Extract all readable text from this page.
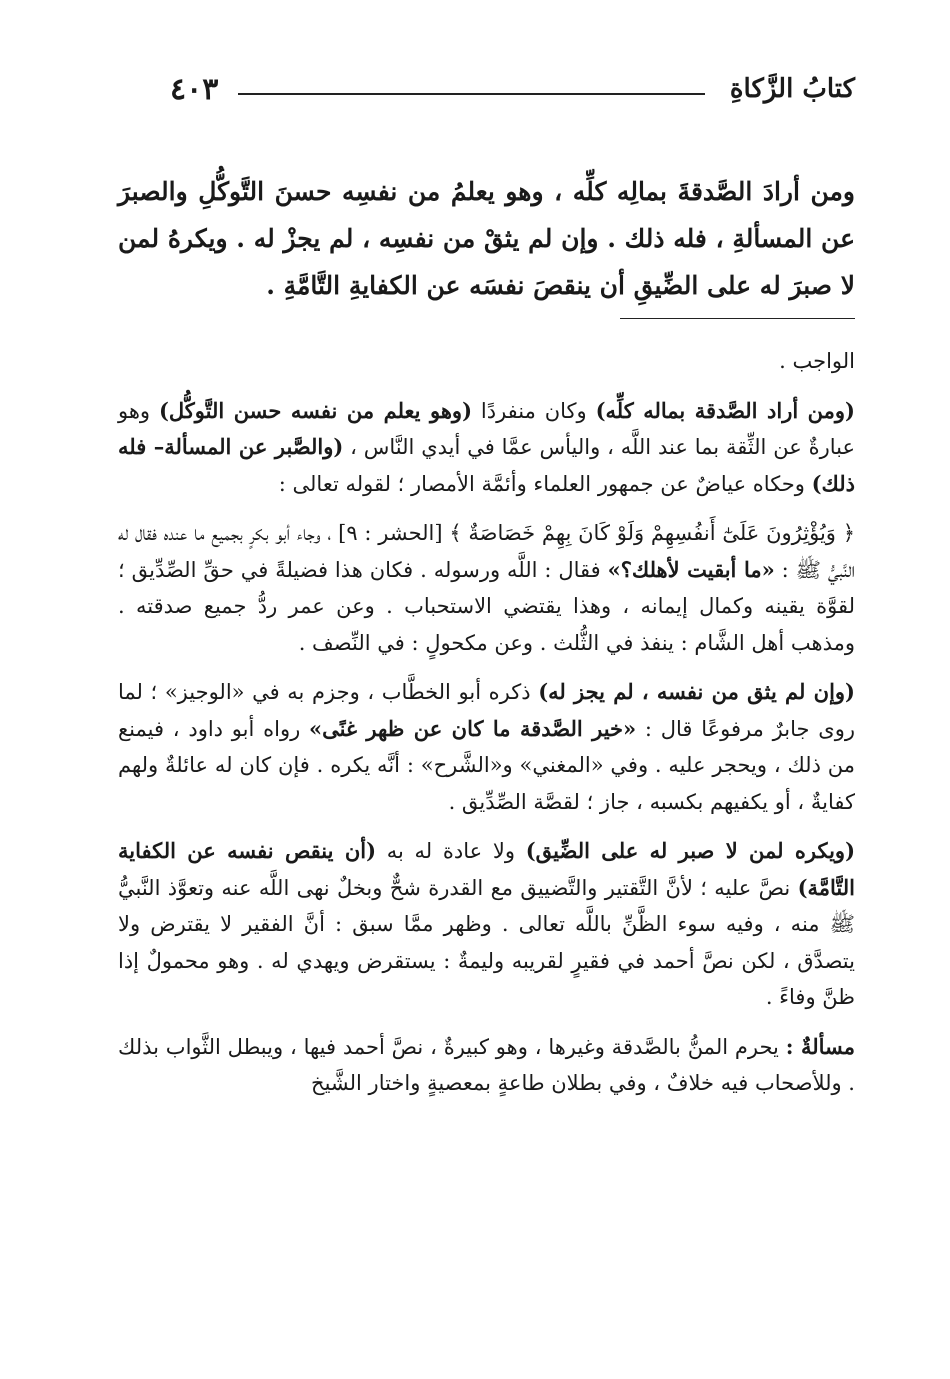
٤٠٣	كتابُ الزَّكاةِ

ومن أرادَ الصَّدقةَ بمالِه كلِّه ، وهو يعلمُ من نفسِه حسنَ التَّوكُّلِ والصبرَ عن المسألةِ ، فله ذلك . وإن لم يثقْ من نفسِه ، لم يجزْ له . ويكرهُ لمن لا صبرَ له على الضِّيقِ أن ينقصَ نفسَه عن الكفايةِ التَّامَّةِ .

الواجب .

(ومن أراد الصَّدقة بماله كلِّه) وكان منفردًا (وهو يعلم من نفسه حسن التَّوكُّل) وهو عبارةٌ عن الثِّقة بما عند اللَّه ، واليأس عمَّا في أيدي النَّاس ، (والصَّبر عن المسألة– فله ذلك) وحكاه عياضٌ عن جمهور العلماء وأئمَّة الأمصار ؛ لقوله تعالى :

﴿ وَيُؤْثِرُونَ عَلَىٰٓ أَنفُسِهِمْ وَلَوْ كَانَ بِهِمْ خَصَاصَةٌ ﴾ [الحشر : ٩] ، وجاء أبو بكرٍ بجميع ما عنده فقال له النَّبيُّ ﷺ : «ما أبقيت لأهلك؟» فقال : اللَّه ورسوله . فكان هذا فضيلةً في حقِّ الصِّدِّيق ؛ لقوَّة يقينه وكمال إيمانه ، وهذا يقتضي الاستحباب . وعن عمر ردُّ جميع صدقته . ومذهب أهل الشَّام : ينفذ في الثُّلث . وعن مكحولٍ : في النِّصف .

(وإن لم يثق من نفسه ، لم يجز له) ذكره أبو الخطَّاب ، وجزم به في «الوجيز» ؛ لما روى جابرٌ مرفوعًا قال : «خير الصَّدقة ما كان عن ظهر غنًى» رواه أبو داود ، فيمنع من ذلك ، ويحجر عليه . وفي «المغني» و«الشَّرح» : أنَّه يكره . فإن كان له عائلةٌ ولهم كفايةٌ ، أو يكفيهم بكسبه ، جاز ؛ لقصَّة الصِّدِّيق .

(ويكره لمن لا صبر له على الضِّيق) ولا عادة له به (أن ينقص نفسه عن الكفاية التَّامَّة) نصَّ عليه ؛ لأنَّ التَّقتير والتَّضييق مع القدرة شحٌّ وبخلٌ نهى اللَّه عنه وتعوَّذ النَّبيُّ ﷺ منه ، وفيه سوء الظَّنِّ باللَّه تعالى . وظهر ممَّا سبق : أنَّ الفقير لا يقترض ولا يتصدَّق ، لكن نصَّ أحمد في فقيرٍ لقريبه وليمةٌ : يستقرض ويهدي له . وهو محمولٌ إذا ظنَّ وفاءً .

مسألةٌ : يحرم المنُّ بالصَّدقة وغيرها ، وهو كبيرةٌ ، نصَّ أحمد فيها ، ويبطل الثَّواب بذلك . وللأصحاب فيه خلافٌ ، وفي بطلان طاعةٍ بمعصيةٍ واختار الشَّيخ
